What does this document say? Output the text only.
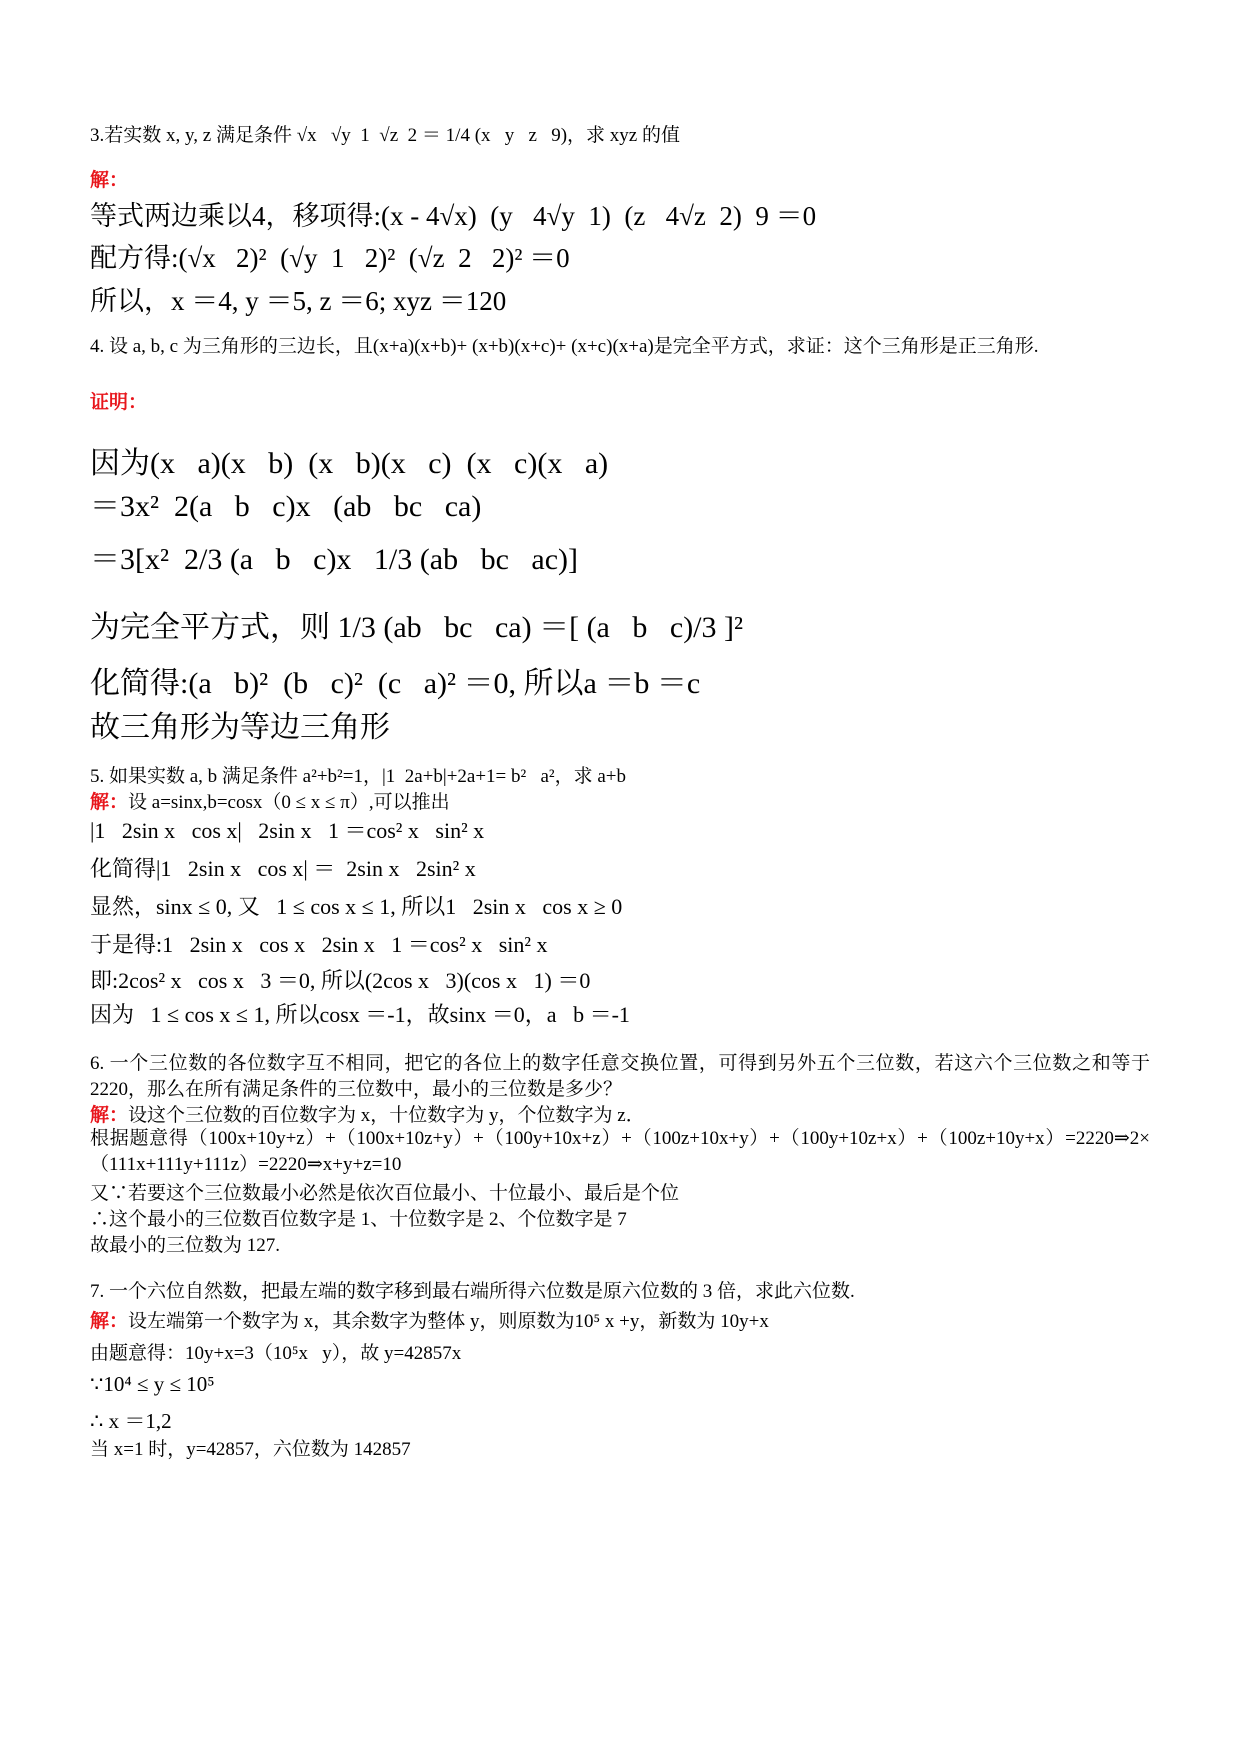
3.若实数 x, y, z 满足条件 √x   √y  1  √z  2 ＝ 1/4 (x   y   z   9)，求 xyz 的值
解：
等式两边乘以4，移项得:(x - 4√x)  (y   4√y  1)  (z   4√z  2)  9 ＝0
配方得:(√x   2)²  (√y  1   2)²  (√z  2   2)² ＝0
所以，x ＝4, y ＝5, z ＝6; xyz ＝120
4. 设 a, b, c 为三角形的三边长，且(x+a)(x+b)+ (x+b)(x+c)+ (x+c)(x+a)是完全平方式，求证：这个三角形是正三角形.
证明：
因为(x   a)(x   b)  (x   b)(x   c)  (x   c)(x   a)
＝3x²  2(a   b   c)x   (ab   bc   ca)
＝3[x²  2/3 (a   b   c)x   1/3 (ab   bc   ac)]
为完全平方式，则 1/3 (ab   bc   ca) ＝[ (a   b   c)/3 ]²
化简得:(a   b)²  (b   c)²  (c   a)² ＝0, 所以a ＝b ＝c
故三角形为等边三角形
5. 如果实数 a, b 满足条件 a²+b²=1，|1  2a+b|+2a+1= b²   a²，求 a+b
解：设 a=sinx,b=cosx（0 ≤ x ≤ π）,可以推出
|1   2sin x   cos x|   2sin x   1 ＝cos² x   sin² x
化简得|1   2sin x   cos x| ＝  2sin x   2sin² x
显然，sinx ≤ 0, 又   1 ≤ cos x ≤ 1, 所以1   2sin x   cos x ≥ 0
于是得:1   2sin x   cos x   2sin x   1 ＝cos² x   sin² x
即:2cos² x   cos x   3 ＝0, 所以(2cos x   3)(cos x   1) ＝0
因为   1 ≤ cos x ≤ 1, 所以cosx ＝-1，故sinx ＝0，a   b ＝-1
6. 一个三位数的各位数字互不相同，把它的各位上的数字任意交换位置，可得到另外五个三位数，若这六个三位数之和等于 2220，那么在所有满足条件的三位数中，最小的三位数是多少？
解：设这个三位数的百位数字为 x，十位数字为 y，个位数字为 z．
根据题意得（100x+10y+z）+（100x+10z+y）+（100y+10x+z）+（100z+10x+y）+（100y+10z+x）+（100z+10y+x）=2220⇒2×（111x+111y+111z）=2220⇒x+y+z=10
又∵若要这个三位数最小必然是依次百位最小、十位最小、最后是个位
∴这个最小的三位数百位数字是 1、十位数字是 2、个位数字是 7
故最小的三位数为 127.
7. 一个六位自然数，把最左端的数字移到最右端所得六位数是原六位数的 3 倍，求此六位数.
解：设左端第一个数字为 x，其余数字为整体 y，则原数为10⁵ x +y，新数为 10y+x
由题意得：10y+x=3（10⁵x   y），故 y=42857x
∵10⁴ ≤ y ≤ 10⁵
∴ x ＝1,2
当 x=1 时，y=42857，六位数为 142857
